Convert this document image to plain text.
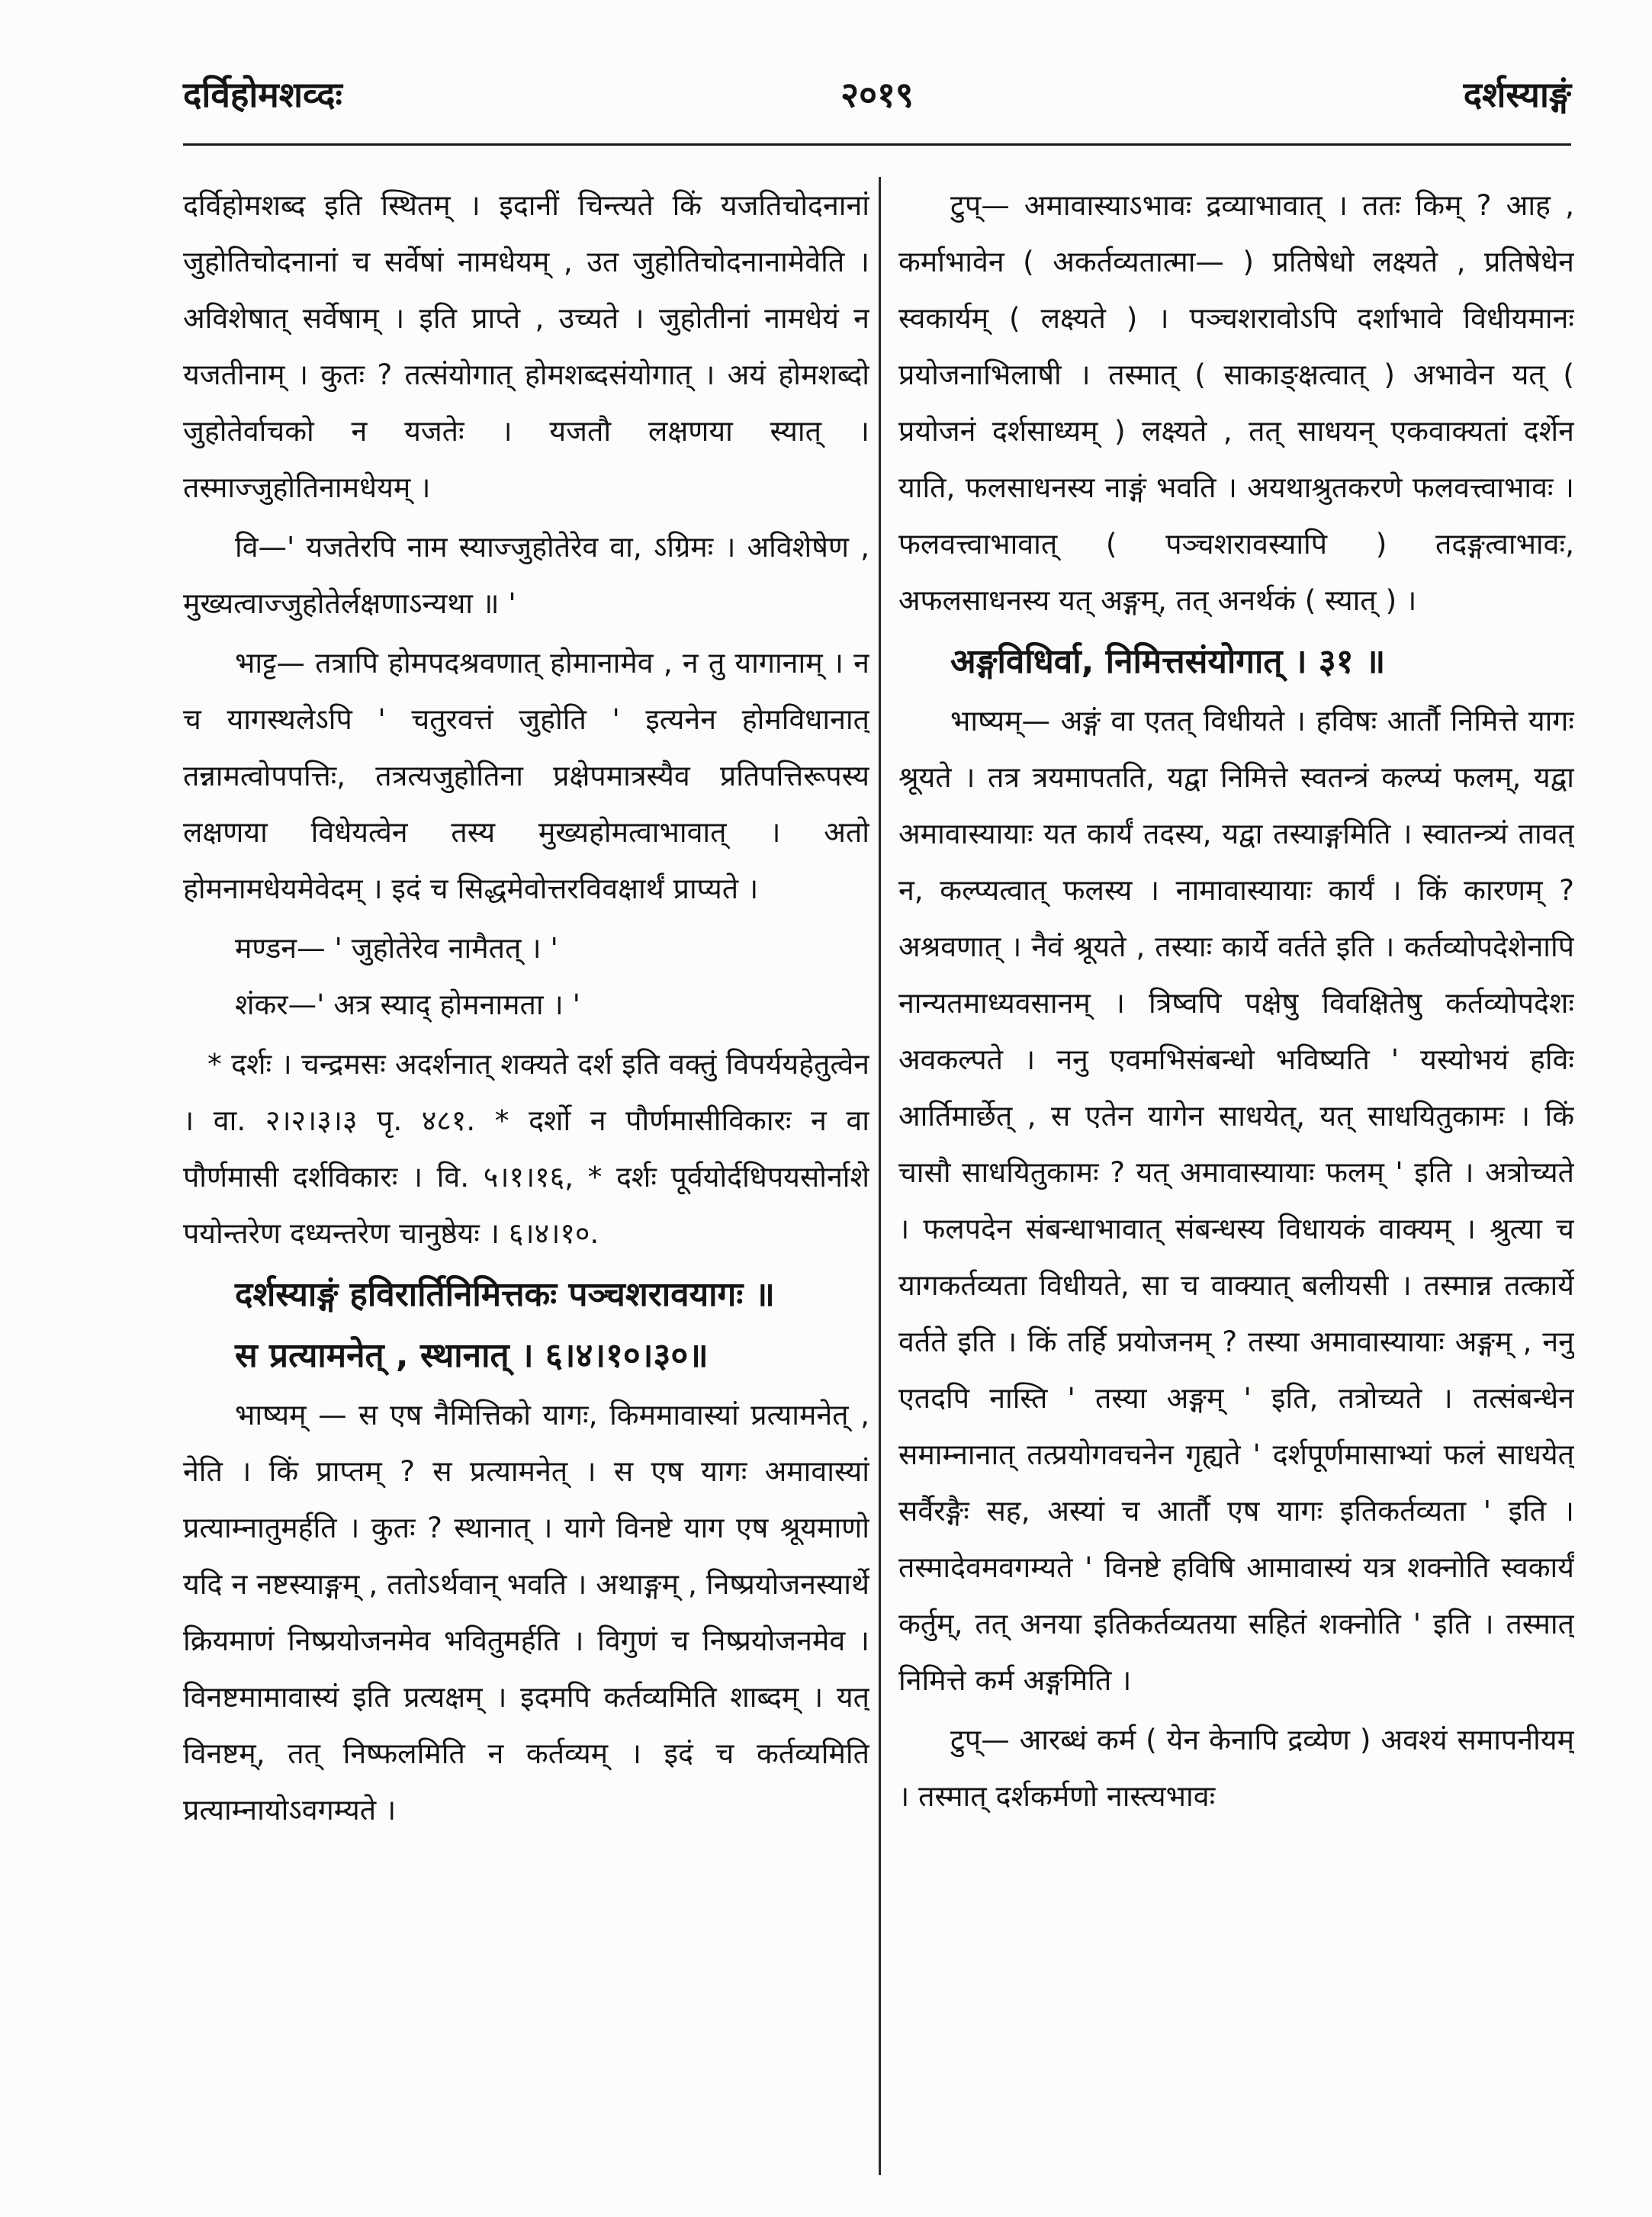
दर्विहोमशव्दः	२०१९	दर्शस्याङ्गं

दर्विहोमशब्द इति स्थितम् । इदानीं चिन्त्यते किं यजतिचोदनानां जुहोतिचोदनानां च सर्वेषां नामधेयम् , उत जुहोतिचोदनानामेवेति । अविशेषात् सर्वेषाम् । इति प्राप्ते , उच्यते । जुहोतीनां नामधेयं न यजतीनाम् । कुतः ? तत्संयोगात् होमशब्दसंयोगात् । अयं होमशब्दो जुहोतेर्वाचको न यजतेः । यजतौ लक्षणया स्यात् । तस्माज्जुहोतिनामधेयम् ।

वि—' यजतेरपि नाम स्याज्जुहोतेरेव वा, ऽग्रिमः । अविशेषेण , मुख्यत्वाज्जुहोतेर्लक्षणाऽन्यथा ॥ '

भाट्ट— तत्रापि होमपदश्रवणात् होमानामेव , न तु यागानाम् । न च यागस्थलेऽपि ' चतुरवत्तं जुहोति ' इत्यनेन होमविधानात् तन्नामत्वोपपत्तिः, तत्रत्यजुहोतिना प्रक्षेपमात्रस्यैव प्रतिपत्तिरूपस्य लक्षणया विधेयत्वेन तस्य मुख्यहोमत्वाभावात् । अतो होमनामधेयमेवेदम् । इदं च सिद्धमेवोत्तरविवक्षार्थं प्राप्यते ।

मण्डन— ' जुहोतेरेव नामैतत् । '

शंकर—' अत्र स्याद् होमनामता । '

* दर्शः । चन्द्रमसः अदर्शनात् शक्यते दर्श इति वक्तुं विपर्ययहेतुत्वेन । वा. २।२।३।३ पृ. ४८१. * दर्शो न पौर्णमासीविकारः न वा पौर्णमासी दर्शविकारः । वि. ५।१।१६, * दर्शः पूर्वयोर्दधिपयसोर्नाशे पयोन्तरेण दध्यन्तरेण चानुष्ठेयः । ६।४।१०.

दर्शस्याङ्गं हविरार्तिनिमित्तकः पञ्चशरावयागः ॥

स प्रत्यामनेत् , स्थानात् । ६।४।१०।३०॥

भाष्यम् — स एष नैमित्तिको यागः, किममावास्यां प्रत्यामनेत् , नेति । किं प्राप्तम् ? स प्रत्यामनेत् । स एष यागः अमावास्यां प्रत्याम्नातुमर्हति । कुतः ? स्थानात् । यागे विनष्टे याग एष श्रूयमाणो यदि न नष्टस्याङ्गम् , ततोऽर्थवान् भवति । अथाङ्गम् , निष्प्रयोजनस्यार्थे क्रियमाणं निष्प्रयोजनमेव भवितुमर्हति । विगुणं च निष्प्रयोजनमेव । विनष्टमामावास्यं इति प्रत्यक्षम् । इदमपि कर्तव्यमिति शाब्दम् । यत् विनष्टम्, तत् निष्फलमिति न कर्तव्यम् । इदं च कर्तव्यमिति प्रत्याम्नायोऽवगम्यते ।

टुप्— अमावास्याऽभावः द्रव्याभावात् । ततः किम् ? आह , कर्माभावेन ( अकर्तव्यतात्मा— ) प्रतिषेधो लक्ष्यते , प्रतिषेधेन स्वकार्यम् ( लक्ष्यते ) । पञ्चशरावोऽपि दर्शाभावे विधीयमानः प्रयोजनाभिलाषी । तस्मात् ( साकाङ्क्षत्वात् ) अभावेन यत् ( प्रयोजनं दर्शसाध्यम् ) लक्ष्यते , तत् साधयन् एकवाक्यतां दर्शेन याति, फलसाधनस्य नाङ्गं भवति । अयथाश्रुतकरणे फलवत्त्वाभावः । फलवत्त्वाभावात् ( पञ्चशरावस्यापि ) तदङ्गत्वाभावः, अफलसाधनस्य यत् अङ्गम्, तत् अनर्थकं ( स्यात् ) ।

अङ्गविधिर्वा, निमित्तसंयोगात् । ३१ ॥

भाष्यम्— अङ्गं वा एतत् विधीयते । हविषः आर्तौ निमित्ते यागः श्रूयते । तत्र त्रयमापतति, यद्वा निमित्ते स्वतन्त्रं कल्प्यं फलम्, यद्वा अमावास्यायाः यत कार्यं तदस्य, यद्वा तस्याङ्गमिति । स्वातन्त्र्यं तावत् न, कल्प्यत्वात् फलस्य । नामावास्यायाः कार्यं । किं कारणम् ? अश्रवणात् । नैवं श्रूयते , तस्याः कार्ये वर्तते इति । कर्तव्योपदेशेनापि नान्यतमाध्यवसानम् । त्रिष्वपि पक्षेषु विवक्षितेषु कर्तव्योपदेशः अवकल्पते । ननु एवमभिसंबन्धो भविष्यति ' यस्योभयं हविः आर्तिमार्छेत् , स एतेन यागेन साधयेत्, यत् साधयितुकामः । किं चासौ साधयितुकामः ? यत् अमावास्यायाः फलम् ' इति । अत्रोच्यते । फलपदेन संबन्धाभावात् संबन्धस्य विधायकं वाक्यम् । श्रुत्या च यागकर्तव्यता विधीयते, सा च वाक्यात् बलीयसी । तस्मान्न तत्कार्ये वर्तते इति । किं तर्हि प्रयोजनम् ? तस्या अमावास्यायाः अङ्गम् , ननु एतदपि नास्ति ' तस्या अङ्गम् ' इति, तत्रोच्यते । तत्संबन्धेन समाम्नानात् तत्प्रयोगवचनेन गृह्यते ' दर्शपूर्णमासाभ्यां फलं साधयेत् सर्वैरङ्गैः सह, अस्यां च आर्तौ एष यागः इतिकर्तव्यता ' इति । तस्मादेवमवगम्यते ' विनष्टे हविषि आमावास्यं यत्र शक्नोति स्वकार्यं कर्तुम्, तत् अनया इतिकर्तव्यतया सहितं शक्नोति ' इति । तस्मात् निमित्ते कर्म अङ्गमिति ।

टुप्— आरब्धं कर्म ( येन केनापि द्रव्येण ) अवश्यं समापनीयम् । तस्मात् दर्शकर्मणो नास्त्यभावः
